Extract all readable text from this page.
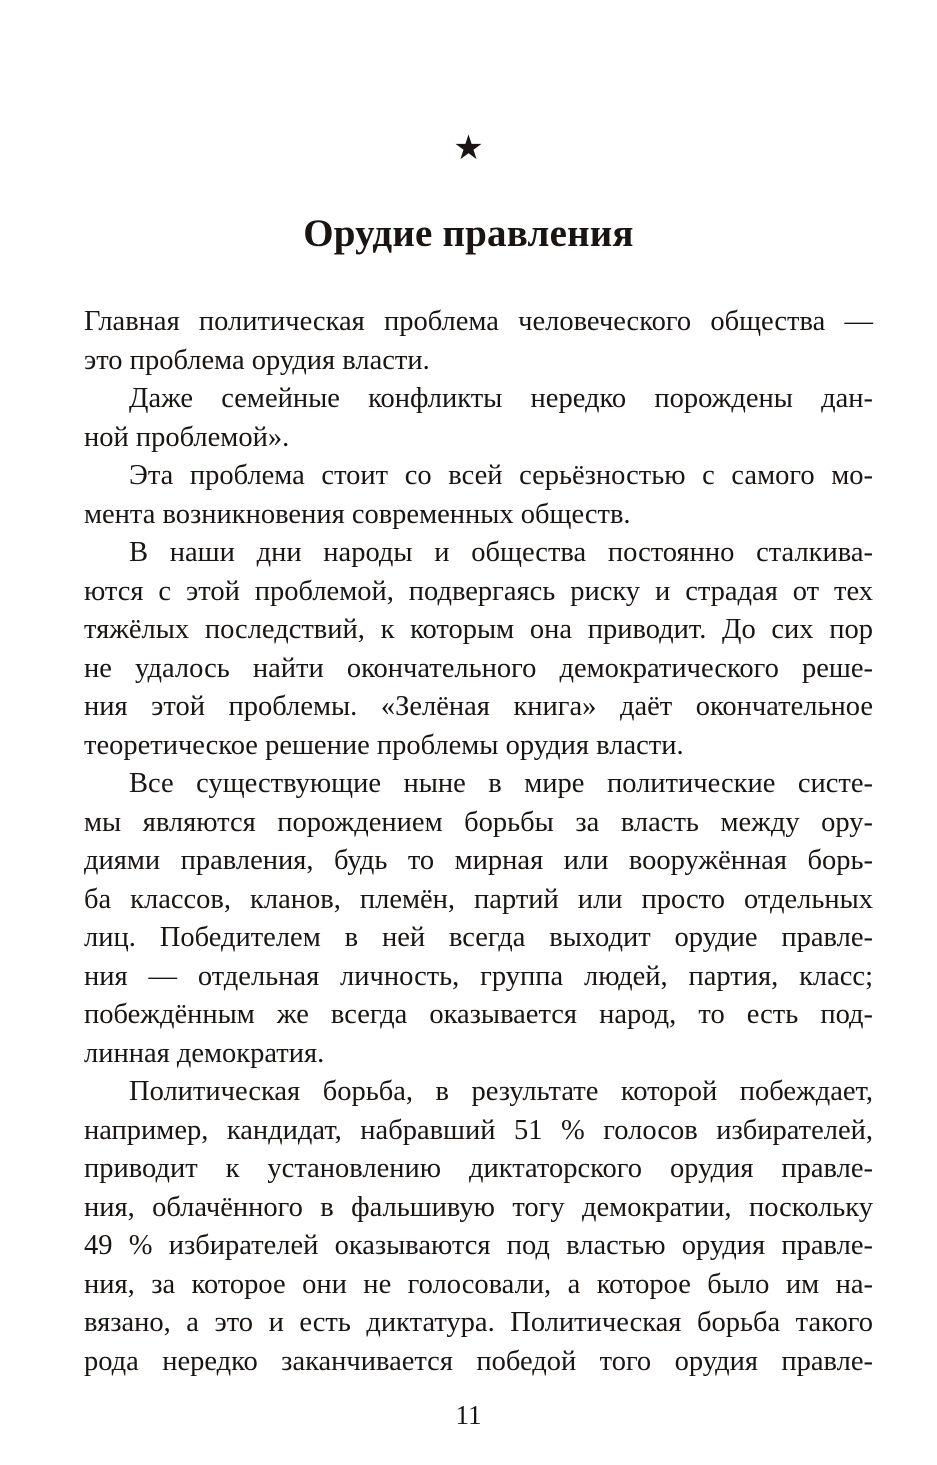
★
Орудие правления
Главная политическая проблема человеческого общества —
это проблема орудия власти.
Даже семейные конфликты нередко порождены дан-
ной проблемой».
Эта проблема стоит со всей серьёзностью с самого мо-
мента возникновения современных обществ.
В наши дни народы и общества постоянно сталкива-
ются с этой проблемой, подвергаясь риску и страдая от тех
тяжёлых последствий, к которым она приводит. До сих пор
не удалось найти окончательного демократического реше-
ния этой проблемы. «Зелёная книга» даёт окончательное
теоретическое решение проблемы орудия власти.
Все существующие ныне в мире политические систе-
мы являются порождением борьбы за власть между ору-
диями правления, будь то мирная или вооружённая борь-
ба классов, кланов, племён, партий или просто отдельных
лиц. Победителем в ней всегда выходит орудие правле-
ния — отдельная личность, группа людей, партия, класс;
побеждённым же всегда оказывается народ, то есть под-
линная демократия.
Политическая борьба, в результате которой побеждает,
например, кандидат, набравший 51 % голосов избирателей,
приводит к установлению диктаторского орудия правле-
ния, облачённого в фальшивую тогу демократии, поскольку
49 % избирателей оказываются под властью орудия правле-
ния, за которое они не голосовали, а которое было им на-
вязано, а это и есть диктатура. Политическая борьба такого
рода нередко заканчивается победой того орудия правле-
11
